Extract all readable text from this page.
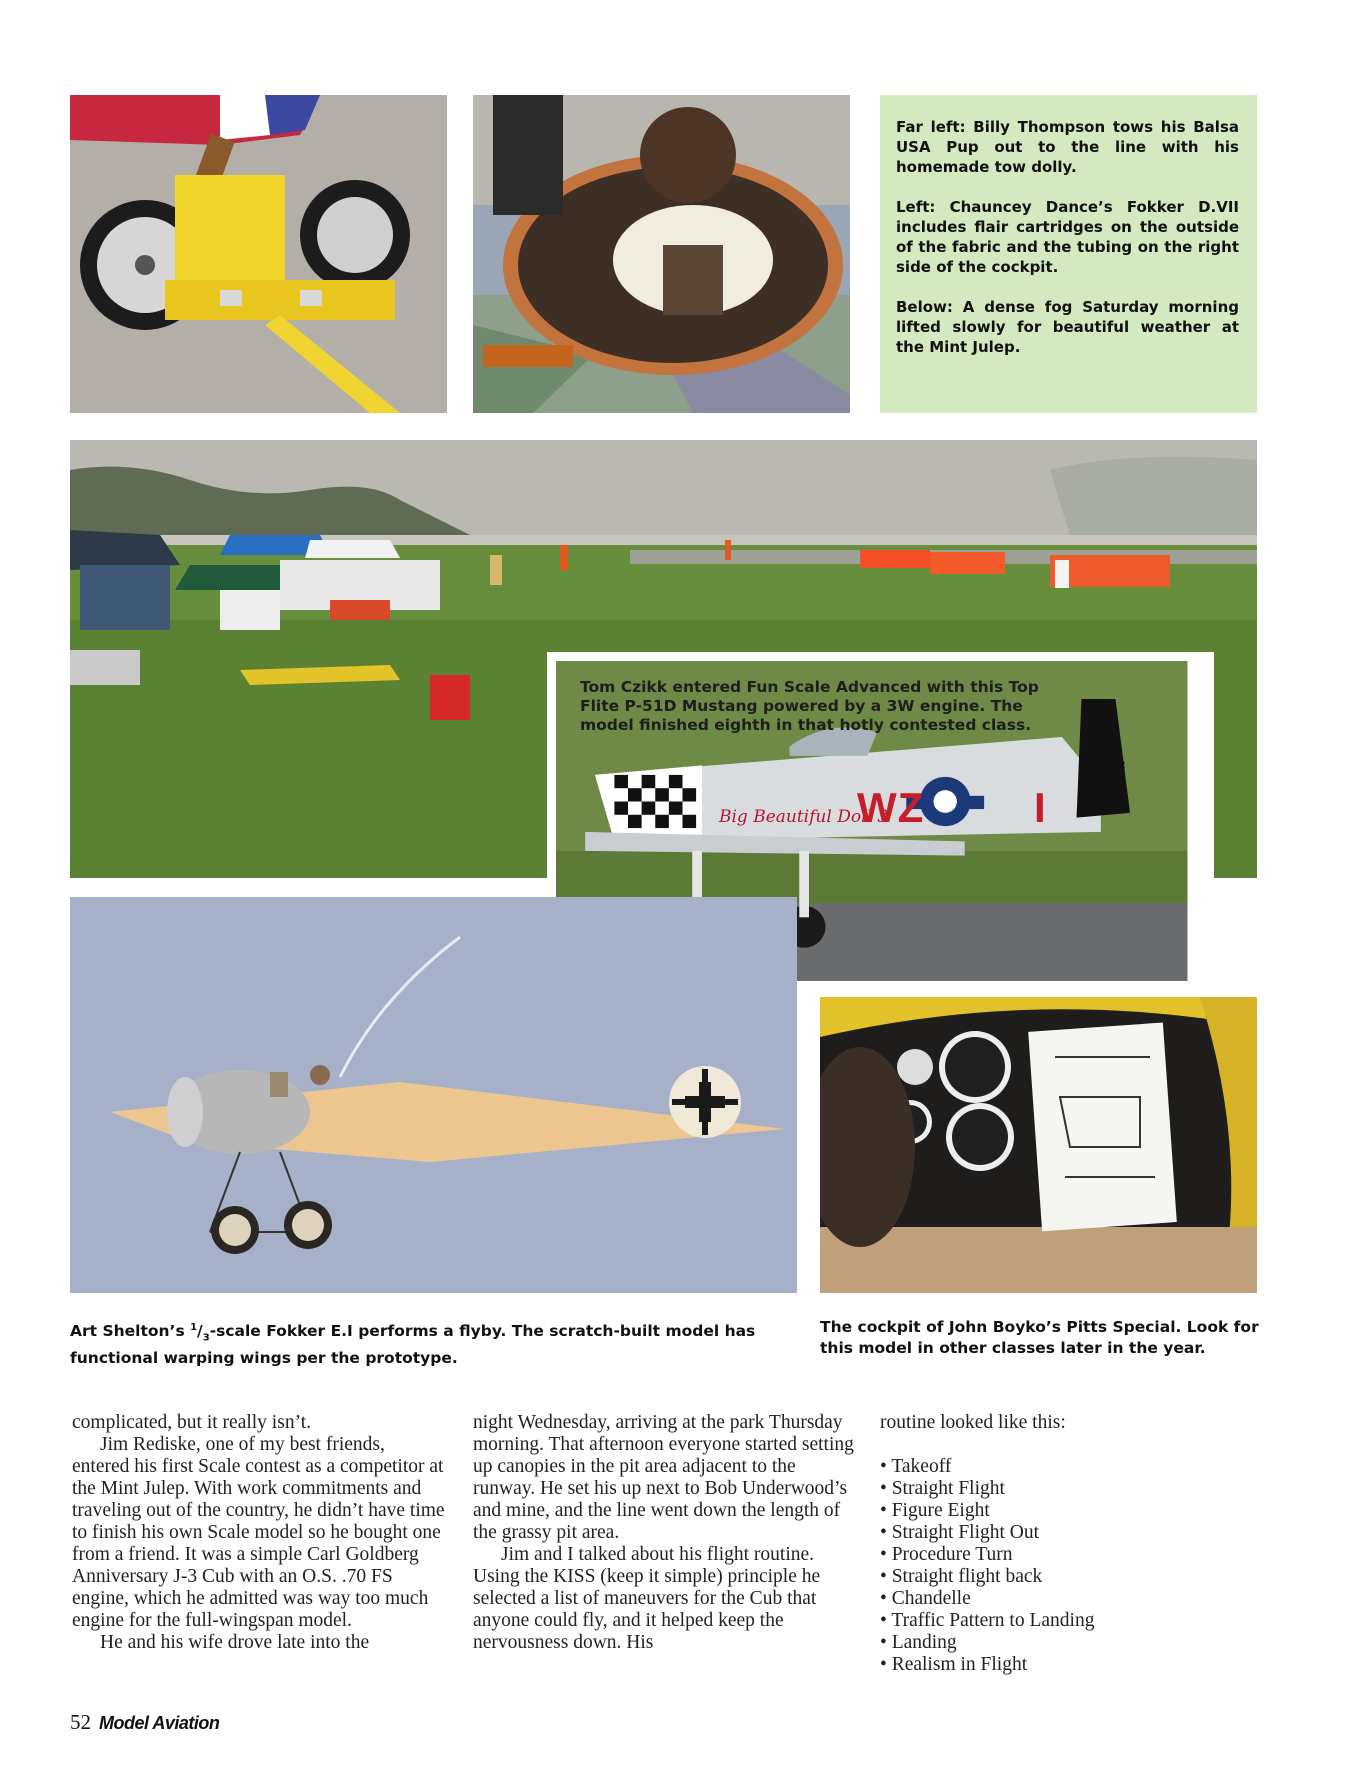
Far left: Billy Thompson tows his Balsa USA Pup out to the line with his homemade tow dolly.

Left: Chauncey Dance’s Fokker D.VII includes flair cartridges on the outside of the fabric and the tubing on the right side of the cockpit.

Below: A dense fog Saturday morning lifted slowly for beautiful weather at the Mint Julep.

Big Beautiful Doll 3
WZ	I
472218
Tom Czikk entered Fun Scale Advanced with this Top Flite P-51D Mustang powered by a 3W engine. The model finished eighth in that hotly contested class.
Art Shelton’s $^1/_3$-scale Fokker E.I performs a flyby. The scratch-built model has functional warping wings per the prototype.
The cockpit of John Boyko’s Pitts Special. Look for this model in other classes later in the year.

complicated, but it really isn’t.

Jim Rediske, one of my best friends, entered his first Scale contest as a competitor at the Mint Julep. With work commitments and traveling out of the country, he didn’t have time to finish his own Scale model so he bought one from a friend. It was a simple Carl Goldberg Anniversary J-3 Cub with an O.S. .70 FS engine, which he admitted was way too much engine for the full-wingspan model.

He and his wife drove late into the

night Wednesday, arriving at the park Thursday morning. That afternoon everyone started setting up canopies in the pit area adjacent to the runway. He set his up next to Bob Underwood’s and mine, and the line went down the length of the grassy pit area.

Jim and I talked about his flight routine. Using the KISS (keep it simple) principle he selected a list of maneuvers for the Cub that anyone could fly, and it helped keep the nervousness down. His

routine looked like this:

• Takeoff
• Straight Flight
• Figure Eight
• Straight Flight Out
• Procedure Turn
• Straight flight back
• Chandelle
• Traffic Pattern to Landing
• Landing
• Realism in Flight
52 Model Aviation
